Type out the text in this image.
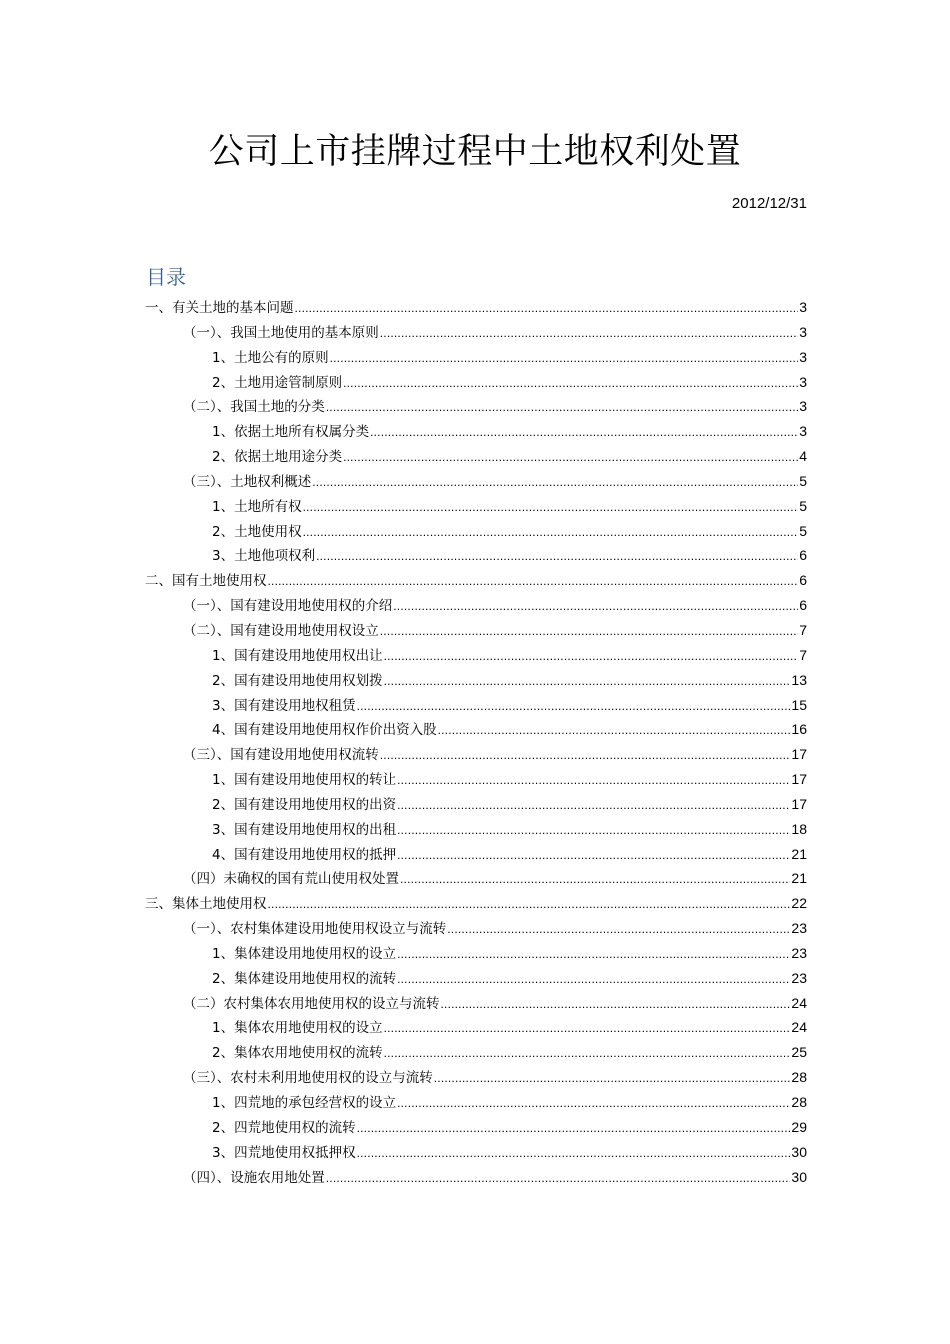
公司上市挂牌过程中土地权利处置
2012/12/31
目录
一、有关土地的基本问题 .....	3
（一）、我国土地使用的基本原则 .....	3
1、土地公有的原则 .....	3
2、土地用途管制原则 .....	3
（二）、我国土地的分类 .....	3
1、依据土地所有权属分类 .....	3
2、依据土地用途分类 .....	4
（三）、土地权利概述 .....	5
1、土地所有权 .....	5
2、土地使用权 .....	5
3、土地他项权利 .....	6
二、国有土地使用权 .....	6
（一）、国有建设用地使用权的介绍 .....	6
（二）、国有建设用地使用权设立 .....	7
1、国有建设用地使用权出让 .....	7
2、国有建设用地使用权划拨 .....	13
3、国有建设用地权租赁 .....	15
4、国有建设用地使用权作价出资入股 .....	16
（三）、国有建设用地使用权流转 .....	17
1、国有建设用地使用权的转让 .....	17
2、国有建设用地使用权的出资 .....	17
3、国有建设用地使用权的出租 .....	18
4、国有建设用地使用权的抵押 .....	21
（四）未确权的国有荒山使用权处置 .....	21
三、集体土地使用权 .....	22
（一）、农村集体建设用地使用权设立与流转 .....	23
1、集体建设用地使用权的设立 .....	23
2、集体建设用地使用权的流转 .....	23
（二）农村集体农用地使用权的设立与流转 .....	24
1、集体农用地使用权的设立 .....	24
2、集体农用地使用权的流转 .....	25
（三）、农村未利用地使用权的设立与流转 .....	28
1、四荒地的承包经营权的设立 .....	28
2、四荒地使用权的流转 .....	29
3、四荒地使用权抵押权 .....	30
（四）、设施农用地处置 .....	30
